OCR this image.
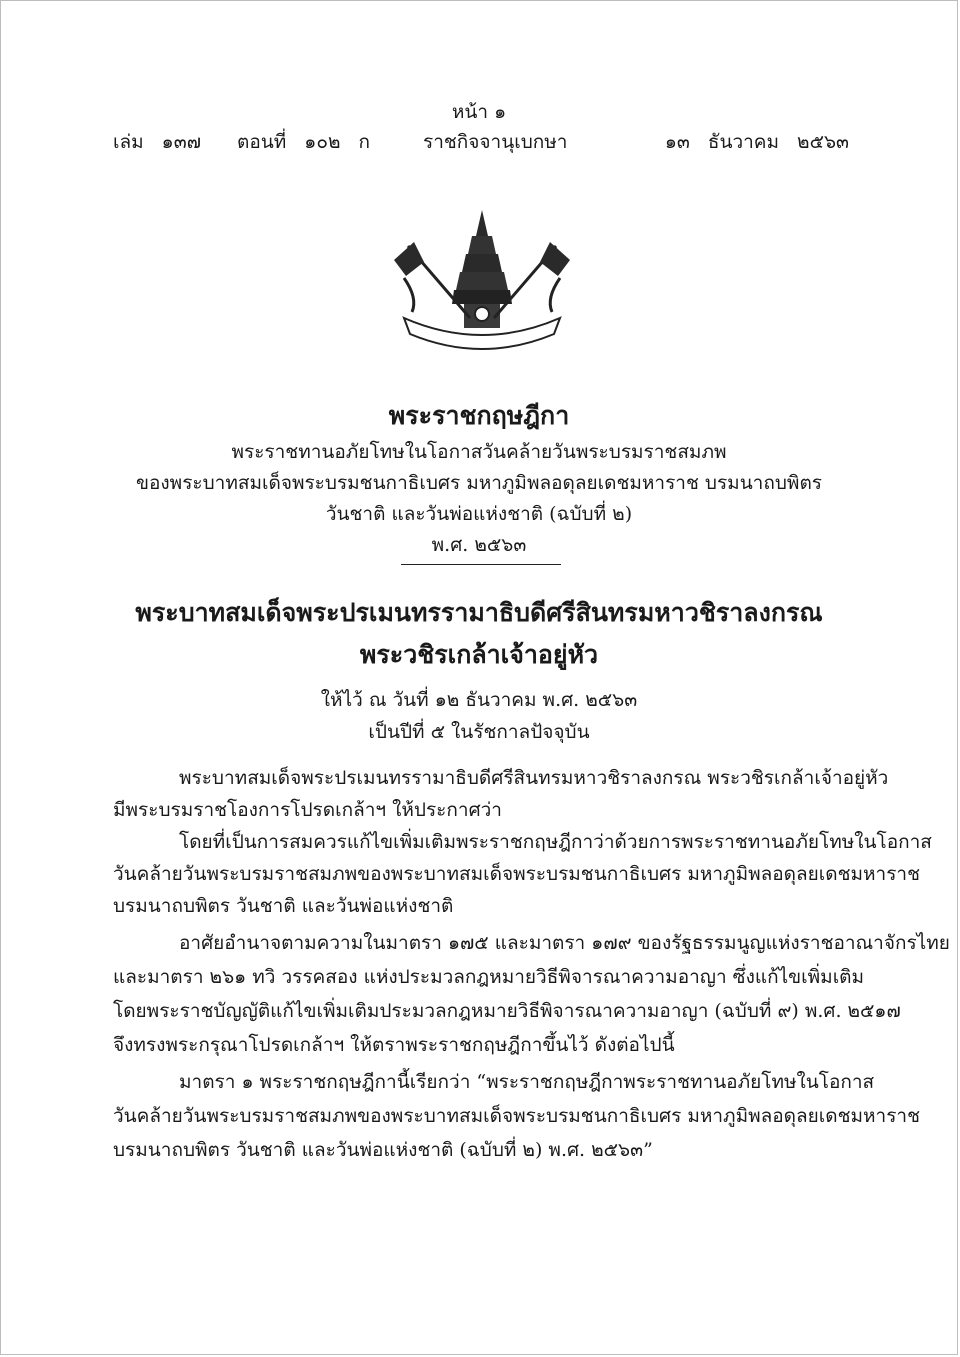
หน้า ๑
เล่ม ๑๓๗ ตอนที่ ๑๐๒ ก	ราชกิจจานุเบกษา	๑๓ ธันวาคม ๒๕๖๓
พระราชกฤษฎีกา
พระราชทานอภัยโทษในโอกาสวันคล้ายวันพระบรมราชสมภพ
ของพระบาทสมเด็จพระบรมชนกาธิเบศร มหาภูมิพลอดุลยเดชมหาราช บรมนาถบพิตร
วันชาติ และวันพ่อแห่งชาติ (ฉบับที่ ๒)
พ.ศ. ๒๕๖๓
พระบาทสมเด็จพระปรเมนทรรามาธิบดีศรีสินทรมหาวชิราลงกรณ
พระวชิรเกล้าเจ้าอยู่หัว
ให้ไว้ ณ วันที่ ๑๒ ธันวาคม พ.ศ. ๒๕๖๓
เป็นปีที่ ๕ ในรัชกาลปัจจุบัน
พระบาทสมเด็จพระปรเมนทรรามาธิบดีศรีสินทรมหาวชิราลงกรณ พระวชิรเกล้าเจ้าอยู่หัว
มีพระบรมราชโองการโปรดเกล้าฯ ให้ประกาศว่า
โดยที่เป็นการสมควรแก้ไขเพิ่มเติมพระราชกฤษฎีกาว่าด้วยการพระราชทานอภัยโทษในโอกาส
วันคล้ายวันพระบรมราชสมภพของพระบาทสมเด็จพระบรมชนกาธิเบศร มหาภูมิพลอดุลยเดชมหาราช
บรมนาถบพิตร วันชาติ และวันพ่อแห่งชาติ
อาศัยอำนาจตามความในมาตรา ๑๗๕ และมาตรา ๑๗๙ ของรัฐธรรมนูญแห่งราชอาณาจักรไทย
และมาตรา ๒๖๑ ทวิ วรรคสอง แห่งประมวลกฎหมายวิธีพิจารณาความอาญา ซึ่งแก้ไขเพิ่มเติม
โดยพระราชบัญญัติแก้ไขเพิ่มเติมประมวลกฎหมายวิธีพิจารณาความอาญา (ฉบับที่ ๙) พ.ศ. ๒๕๑๗
จึงทรงพระกรุณาโปรดเกล้าฯ ให้ตราพระราชกฤษฎีกาขึ้นไว้ ดังต่อไปนี้
มาตรา ๑ พระราชกฤษฎีกานี้เรียกว่า “พระราชกฤษฎีกาพระราชทานอภัยโทษในโอกาส
วันคล้ายวันพระบรมราชสมภพของพระบาทสมเด็จพระบรมชนกาธิเบศร มหาภูมิพลอดุลยเดชมหาราช
บรมนาถบพิตร วันชาติ และวันพ่อแห่งชาติ (ฉบับที่ ๒) พ.ศ. ๒๕๖๓”
